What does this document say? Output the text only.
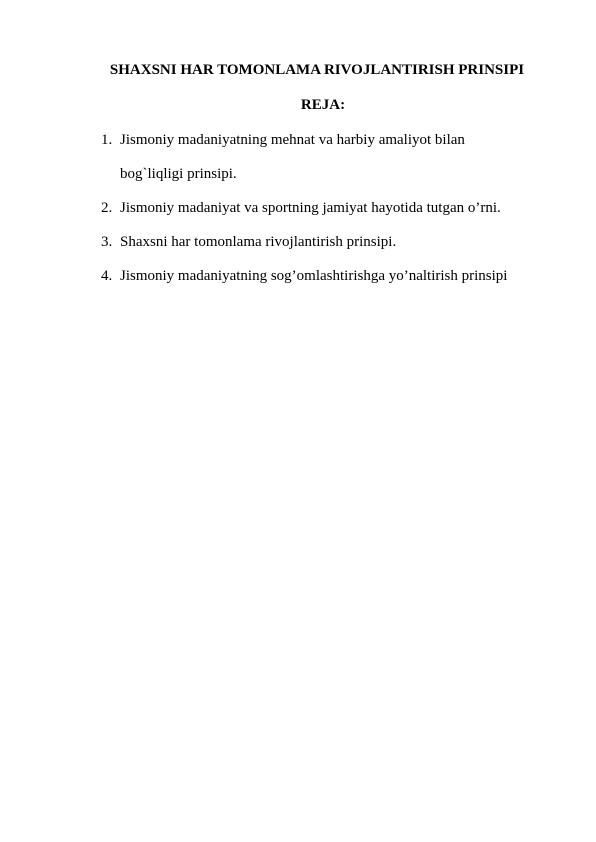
SHAXSNI HAR TOMONLAMA RIVOJLANTIRISH PRINSIPI
REJA:
1. Jismoniy madaniyatning mehnat va harbiy amaliyot bilan
bog`liqligi prinsipi.
2. Jismoniy madaniyat va sportning jamiyat hayotida tutgan o’rni.
3. Shaxsni har tomonlama rivojlantirish prinsipi.
4. Jismoniy madaniyatning sog’omlashtirishga yo’naltirish prinsipi
